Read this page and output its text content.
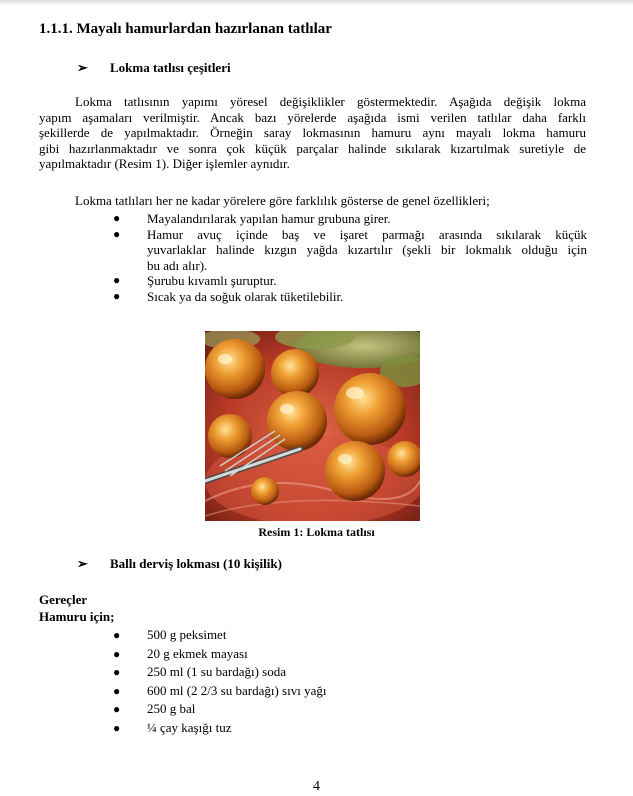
1.1.1. Mayalı hamurlardan hazırlanan tatlılar
➢ Lokma tatlısı çeşitleri
Lokma tatlısının yapımı yöresel değişiklikler göstermektedir. Aşağıda değişik lokma
yapım aşamaları verilmiştir. Ancak bazı yörelerde aşağıda ismi verilen tatlılar daha farklı
şekillerde de yapılmaktadır. Örneğin saray lokmasının hamuru aynı mayalı lokma hamuru
gibi hazırlanmaktadır ve sonra çok küçük parçalar halinde sıkılarak kızartılmak suretiyle de
yapılmaktadır (Resim 1). Diğer işlemler aynıdır.
Lokma tatlıları her ne kadar yörelere göre farklılık gösterse de genel özellikleri;
● Mayalandırılarak yapılan hamur grubuna girer.
● Hamur avuç içinde baş ve işaret parmağı arasında sıkılarak küçük
yuvarlaklar halinde kızgın yağda kızartılır (şekli bir lokmalık olduğu için
bu adı alır).
● Şurubu kıvamlı şuruptur.
● Sıcak ya da soğuk olarak tüketilebilir.
Resim 1: Lokma tatlısı
➢ Ballı derviş lokması (10 kişilik)
Gereçler
Hamuru için;
● 500 g peksimet
● 20 g ekmek mayası
● 250 ml (1 su bardağı) soda
● 600 ml (2 2/3 su bardağı) sıvı yağı
● 250 g bal
● ¼ çay kaşığı tuz
4
